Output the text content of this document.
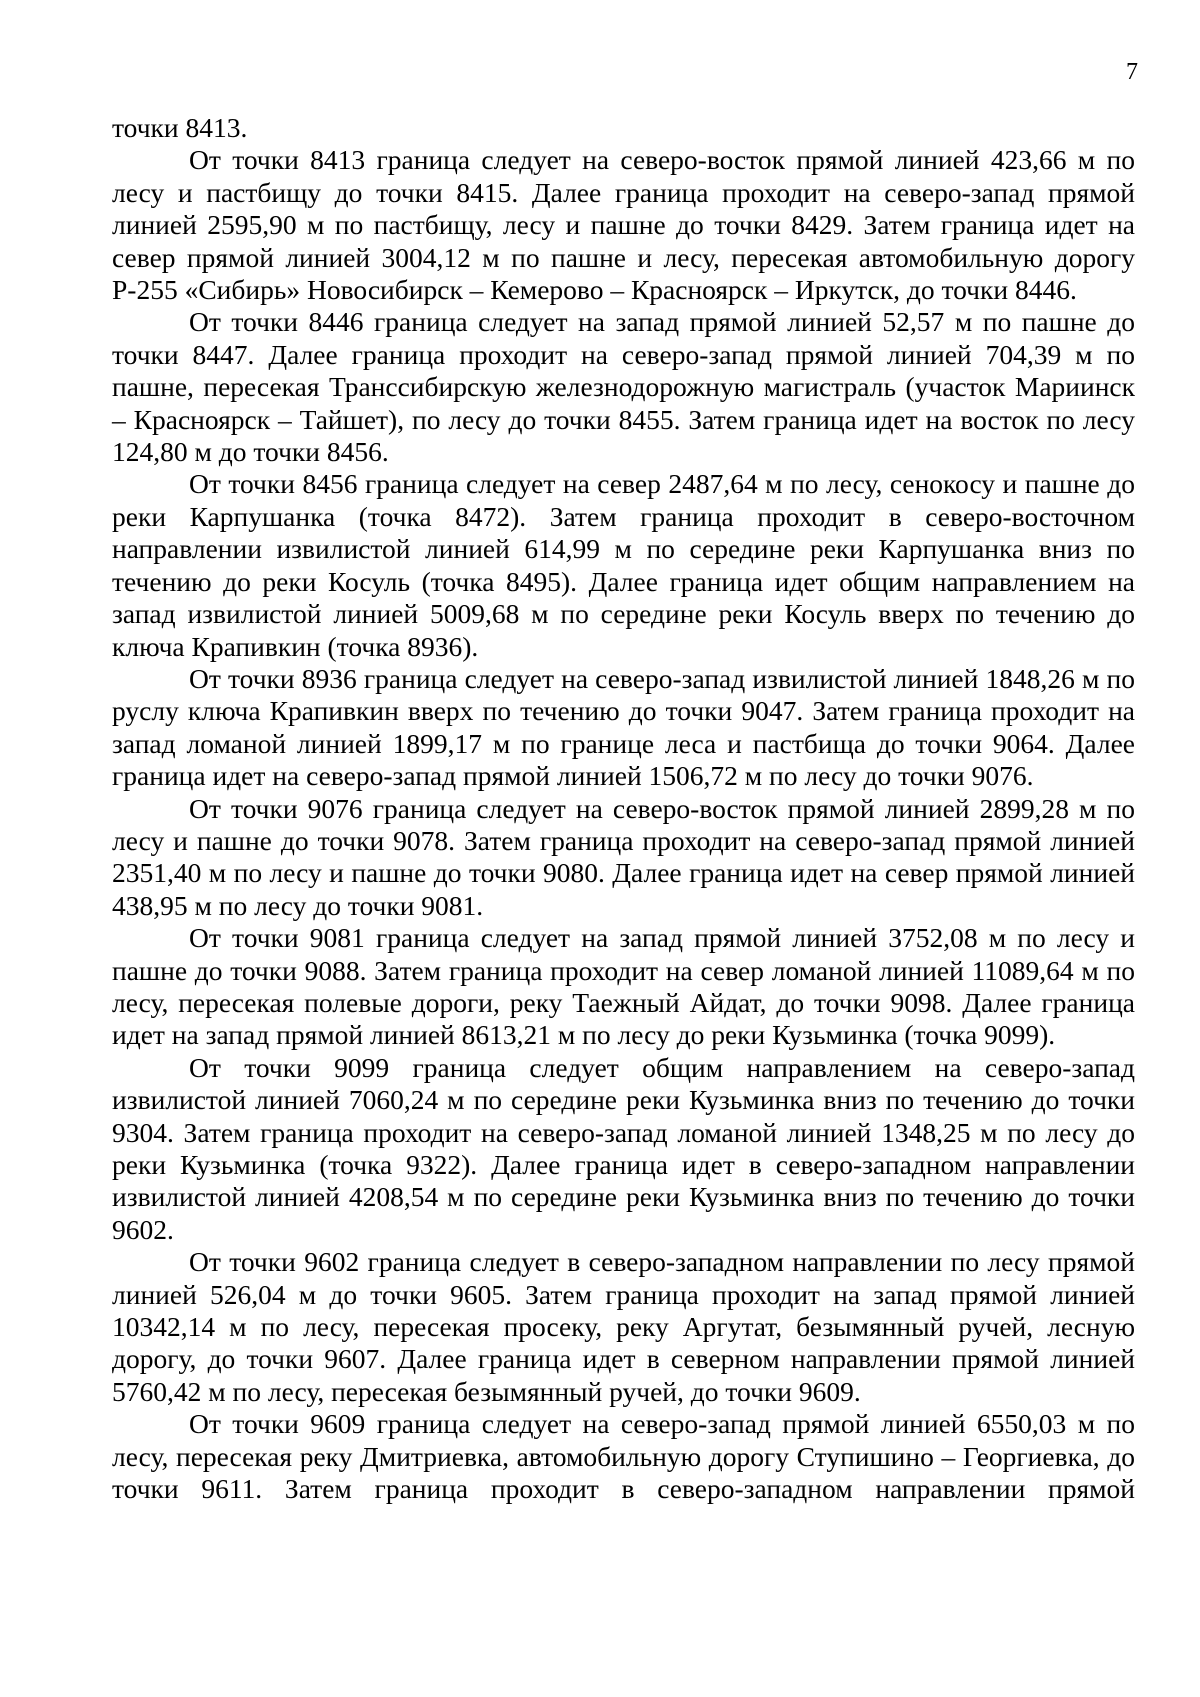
7

точки 8413.

От точки 8413 граница следует на северо-восток прямой линией 423,66 м по лесу и пастбищу до точки 8415. Далее граница проходит на северо-запад прямой линией 2595,90 м по пастбищу, лесу и пашне до точки 8429. Затем граница идет на север прямой линией 3004,12 м по пашне и лесу, пересекая автомобильную дорогу Р-255 «Сибирь» Новосибирск – Кемерово – Красноярск – Иркутск, до точки 8446.

От точки 8446 граница следует на запад прямой линией 52,57 м по пашне до точки 8447. Далее граница проходит на северо-запад прямой линией 704,39 м по пашне, пересекая Транссибирскую железнодорожную магистраль (участок Мариинск – Красноярск – Тайшет), по лесу до точки 8455. Затем граница идет на восток по лесу 124,80 м до точки 8456.

От точки 8456 граница следует на север 2487,64 м по лесу, сенокосу и пашне до реки Карпушанка (точка 8472). Затем граница проходит в северо-восточном направлении извилистой линией 614,99 м по середине реки Карпушанка вниз по течению до реки Косуль (точка 8495). Далее граница идет общим направлением на запад извилистой линией 5009,68 м по середине реки Косуль вверх по течению до ключа Крапивкин (точка 8936).

От точки 8936 граница следует на северо-запад извилистой линией 1848,26 м по руслу ключа Крапивкин вверх по течению до точки 9047. Затем граница проходит на запад ломаной линией 1899,17 м по границе леса и пастбища до точки 9064. Далее граница идет на северо-запад прямой линией 1506,72 м по лесу до точки 9076.

От точки 9076 граница следует на северо-восток прямой линией 2899,28 м по лесу и пашне до точки 9078. Затем граница проходит на северо-запад прямой линией 2351,40 м по лесу и пашне до точки 9080. Далее граница идет на север прямой линией 438,95 м по лесу до точки 9081.

От точки 9081 граница следует на запад прямой линией 3752,08 м по лесу и пашне до точки 9088. Затем граница проходит на север ломаной линией 11089,64 м по лесу, пересекая полевые дороги, реку Таежный Айдат, до точки 9098. Далее граница идет на запад прямой линией 8613,21 м по лесу до реки Кузьминка (точка 9099).

От точки 9099 граница следует общим направлением на северо-запад извилистой линией 7060,24 м по середине реки Кузьминка вниз по течению до точки 9304. Затем граница проходит на северо-запад ломаной линией 1348,25 м по лесу до реки Кузьминка (точка 9322). Далее граница идет в северо-западном направлении извилистой линией 4208,54 м по середине реки Кузьминка вниз по течению до точки 9602.

От точки 9602 граница следует в северо-западном направлении по лесу прямой линией 526,04 м до точки 9605. Затем граница проходит на запад прямой линией 10342,14 м по лесу, пересекая просеку, реку Аргутат, безымянный ручей, лесную дорогу, до точки 9607. Далее граница идет в северном направлении прямой линией 5760,42 м по лесу, пересекая безымянный ручей, до точки 9609.

От точки 9609 граница следует на северо-запад прямой линией 6550,03 м по лесу, пересекая реку Дмитриевка, автомобильную дорогу Ступишино – Георгиевка, до точки 9611. Затем граница проходит в северо-западном направлении прямой
